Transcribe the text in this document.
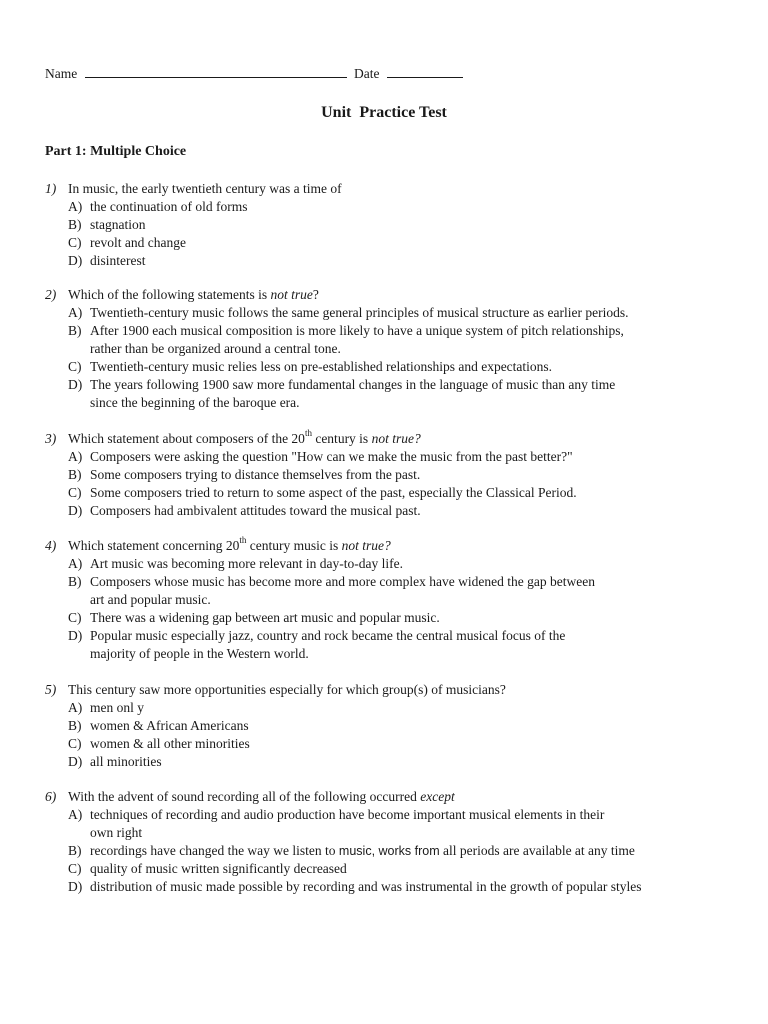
Name	Date
Unit Practice Test
Part 1: Multiple Choice
1) In music, the early twentieth century was a time of
A) the continuation of old forms
B) stagnation
C) revolt and change
D) disinterest
2) Which of the following statements is not true?
A) Twentieth-century music follows the same general principles of musical structure as earlier periods.
B) After 1900 each musical composition is more likely to have a unique system of pitch relationships,
rather than be organized around a central tone.
C) Twentieth-century music relies less on pre-established relationships and expectations.
D) The years following 1900 saw more fundamental changes in the language of music than any time
since the beginning of the baroque era.
3) Which statement about composers of the 20th century is not true?
A) Composers were asking the question "How can we make the music from the past better?"
B) Some composers trying to distance themselves from the past.
C) Some composers tried to return to some aspect of the past, especially the Classical Period.
D) Composers had ambivalent attitudes toward the musical past.
4) Which statement concerning 20th century music is not true?
A) Art music was becoming more relevant in day-to-day life.
B) Composers whose music has become more and more complex have widened the gap between
art and popular music.
C) There was a widening gap between art music and popular music.
D) Popular music especially jazz, country and rock became the central musical focus of the
majority of people in the Western world.
5) This century saw more opportunities especially for which group(s) of musicians?
A) men onl y
B) women & African Americans
C) women & all other minorities
D) all minorities
6) With the advent of sound recording all of the following occurred except
A) techniques of recording and audio production have become important musical elements in their
own right
B) recordings have changed the way we listen to music, works from all periods are available at any time
C) quality of music written significantly decreased
D) distribution of music made possible by recording and was instrumental in the growth of popular styles
